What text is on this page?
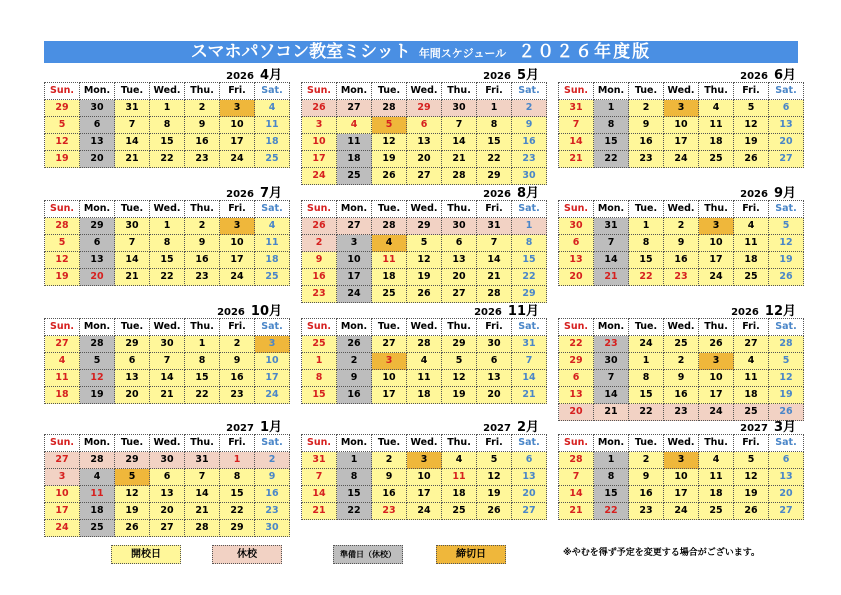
スマホパソコン教室ミシット 年間スケジュール ２０２６年度版
2026 4月
Sun.	Mon.	Tue.	Wed.	Thu.	Fri.	Sat.
29	30	31	1	2	3	4
5	6	7	8	9	10	11
12	13	14	15	16	17	18
19	20	21	22	23	24	25
2026 5月
Sun.	Mon.	Tue.	Wed.	Thu.	Fri.	Sat.
26	27	28	29	30	1	2
3	4	5	6	7	8	9
10	11	12	13	14	15	16
17	18	19	20	21	22	23
24	25	26	27	28	29	30
2026 6月
Sun.	Mon.	Tue.	Wed.	Thu.	Fri.	Sat.
31	1	2	3	4	5	6
7	8	9	10	11	12	13
14	15	16	17	18	19	20
21	22	23	24	25	26	27
2026 7月
Sun.	Mon.	Tue.	Wed.	Thu.	Fri.	Sat.
28	29	30	1	2	3	4
5	6	7	8	9	10	11
12	13	14	15	16	17	18
19	20	21	22	23	24	25
2026 8月
Sun.	Mon.	Tue.	Wed.	Thu.	Fri.	Sat.
26	27	28	29	30	31	1
2	3	4	5	6	7	8
9	10	11	12	13	14	15
16	17	18	19	20	21	22
23	24	25	26	27	28	29
2026 9月
Sun.	Mon.	Tue.	Wed.	Thu.	Fri.	Sat.
30	31	1	2	3	4	5
6	7	8	9	10	11	12
13	14	15	16	17	18	19
20	21	22	23	24	25	26
2026 10月
Sun.	Mon.	Tue.	Wed.	Thu.	Fri.	Sat.
27	28	29	30	1	2	3
4	5	6	7	8	9	10
11	12	13	14	15	16	17
18	19	20	21	22	23	24
2026 11月
Sun.	Mon.	Tue.	Wed.	Thu.	Fri.	Sat.
25	26	27	28	29	30	31
1	2	3	4	5	6	7
8	9	10	11	12	13	14
15	16	17	18	19	20	21
2026 12月
Sun.	Mon.	Tue.	Wed.	Thu.	Fri.	Sat.
22	23	24	25	26	27	28
29	30	1	2	3	4	5
6	7	8	9	10	11	12
13	14	15	16	17	18	19
20	21	22	23	24	25	26
2027 1月
Sun.	Mon.	Tue.	Wed.	Thu.	Fri.	Sat.
27	28	29	30	31	1	2
3	4	5	6	7	8	9
10	11	12	13	14	15	16
17	18	19	20	21	22	23
24	25	26	27	28	29	30
2027 2月
Sun.	Mon.	Tue.	Wed.	Thu.	Fri.	Sat.
31	1	2	3	4	5	6
7	8	9	10	11	12	13
14	15	16	17	18	19	20
21	22	23	24	25	26	27
2027 3月
Sun.	Mon.	Tue.	Wed.	Thu.	Fri.	Sat.
28	1	2	3	4	5	6
7	8	9	10	11	12	13
14	15	16	17	18	19	20
21	22	23	24	25	26	27
開校日	休校	準備日（休校）	締切日	※やむを得ず予定を変更する場合がございます。
